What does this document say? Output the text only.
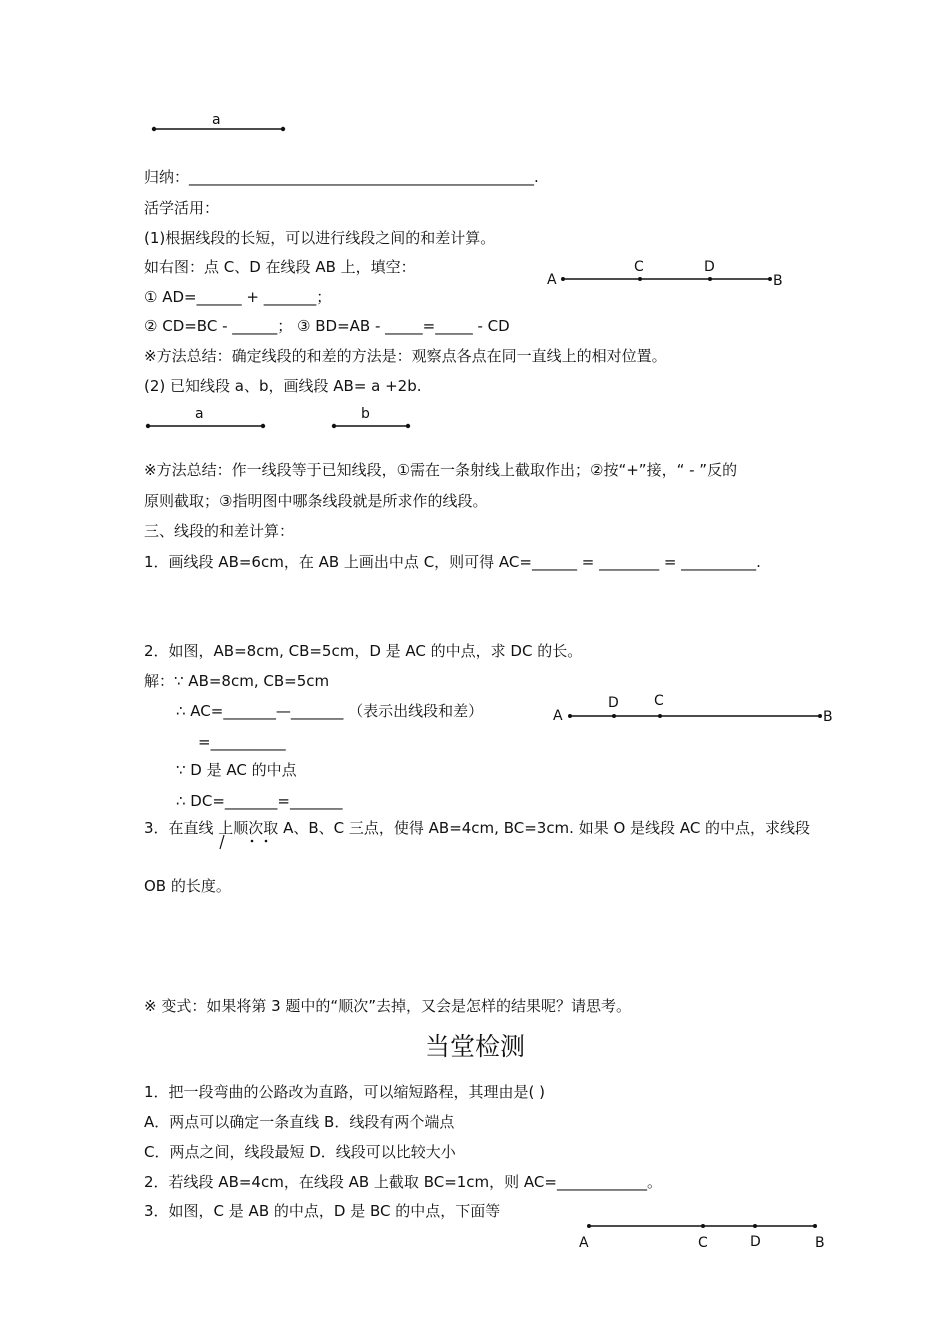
a
归纳：______________________________________________.
活学活用：
(1)根据线段的长短，可以进行线段之间的和差计算。
如右图：点 C、D 在线段 AB 上，填空：
A
C	D
B
① AD=______ + _______；
② CD=BC - ______； ③ BD=AB - _____=_____ - CD
※方法总结：确定线段的和差的方法是：观察点各点在同一直线上的相对位置。
(2) 已知线段 a、b，画线段 AB= a +2b.
a	b
※方法总结：作一线段等于已知线段，①需在一条射线上截取作出；②按“+”接，“ - ”反的
原则截取；③指明图中哪条线段就是所求作的线段。
三、线段的和差计算：
1．画线段 AB=6cm，在 AB 上画出中点 C，则可得 AC=______ = ________ = __________.
2．如图，AB=8cm, CB=5cm，D 是 AC 的中点，求 DC 的长。
解：∵ AB=8cm, CB=5cm
A
D	C
B
∴ AC=_______—_______ （表示出线段和差）
=__________
∵ D 是 AC 的中点
∴ DC=_______=_______
3．在直线 上顺次取 A、B、C 三点，使得 AB=4cm, BC=3cm. 如果 O 是线段 AC 的中点，求线段
OB 的长度。
※ 变式：如果将第 3 题中的“顺次”去掉，又会是怎样的结果呢？请思考。
当堂检测
1．把一段弯曲的公路改为直路，可以缩短路程，其理由是( )
A．两点可以确定一条直线 B．线段有两个端点
C．两点之间，线段最短 D．线段可以比较大小
2．若线段 AB=4cm，在线段 AB 上截取 BC=1cm，则 AC=____________。
3．如图，C 是 AB 的中点，D 是 BC 的中点，下面等
A	C	D	B
